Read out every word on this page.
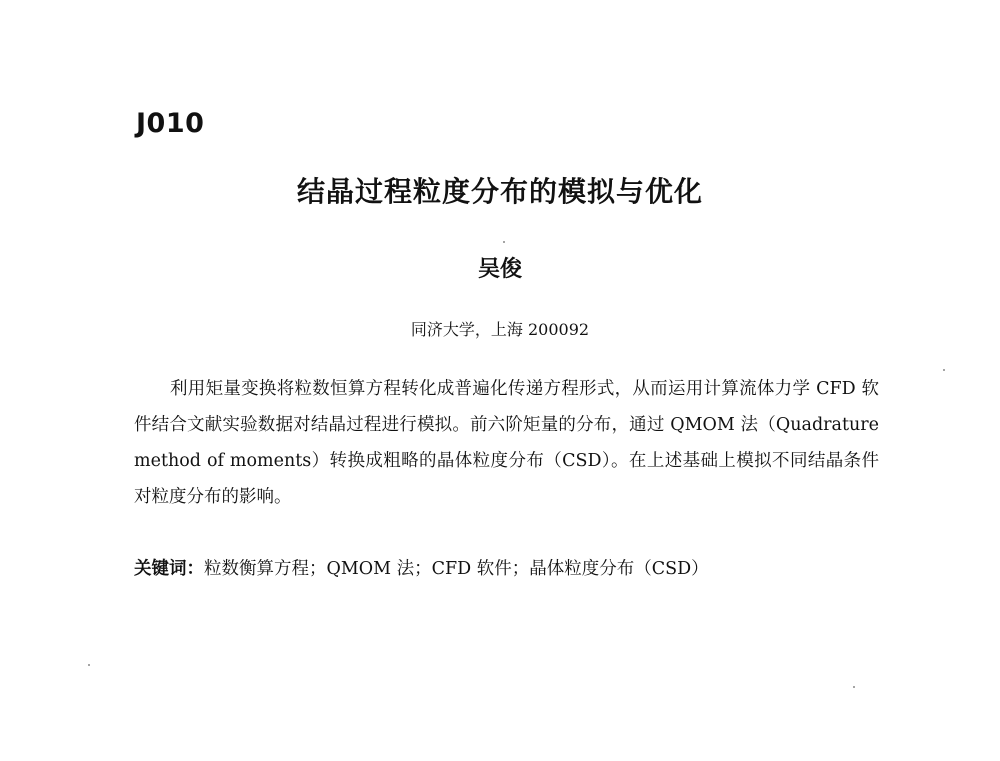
J010
结晶过程粒度分布的模拟与优化
吴俊
同济大学，上海 200092

利用矩量变换将粒数恒算方程转化成普遍化传递方程形式，从而运用计算流体力学 CFD 软件结合文献实验数据对结晶过程进行模拟。前六阶矩量的分布，通过 QMOM 法（Quadrature method of moments）转换成粗略的晶体粒度分布（CSD）。在上述基础上模拟不同结晶条件对粒度分布的影响。

关键词：粒数衡算方程；QMOM 法；CFD 软件；晶体粒度分布（CSD）
